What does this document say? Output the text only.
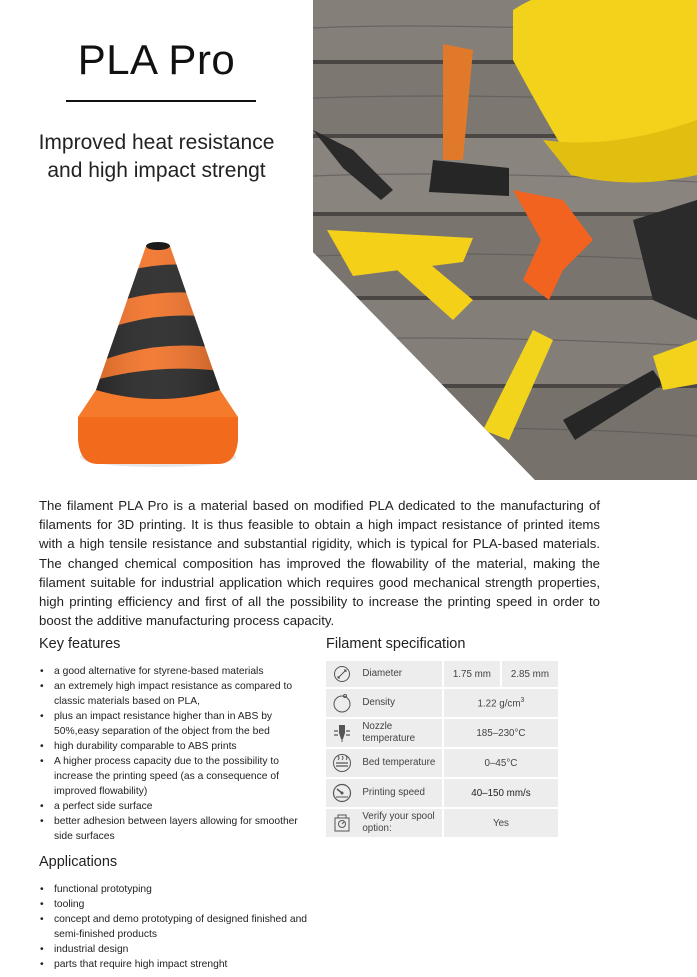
PLA Pro

Improved heat resistance
and high impact strengt

The filament PLA Pro is a material based on modified PLA dedicated to the manufacturing of filaments for 3D printing. It is thus feasible to obtain a high impact resistance of printed items with a high tensile resistance and substantial rigidity, which is typical for PLA-based materials. The changed chemical composition has improved the flowability of the material, making the filament suitable for industrial application which requires good mechanical strength properties, high printing efficiency and first of all the possibility to increase the printing speed in order to boost the additive manufacturing process capacity.

Key features
• a good alternative for styrene-based materials
• an extremely high impact resistance as compared to classic materials based on PLA,
• plus an impact resistance higher than in ABS by 50%,easy separation of the object from the bed
• high durability comparable to ABS prints
• A higher process capacity due to the possibility to increase the printing speed (as a consequence of improved flowability)
• a perfect side surface
• better adhesion between layers allowing for smoother side surfaces
Applications
• functional prototyping
• tooling
• concept and demo prototyping of designed finished and semi-finished products
• industrial design
• parts that require high impact strenght
Filament specification
	Diameter	1.75 mm	2.85 mm

	Density	1.22 $g/cm^3$

	Nozzle temperature	185–230°C	

	Bed temperature	0–45°C	

	Printing speed	40–150 mm/s	

	Verify your spool option:	Yes	
